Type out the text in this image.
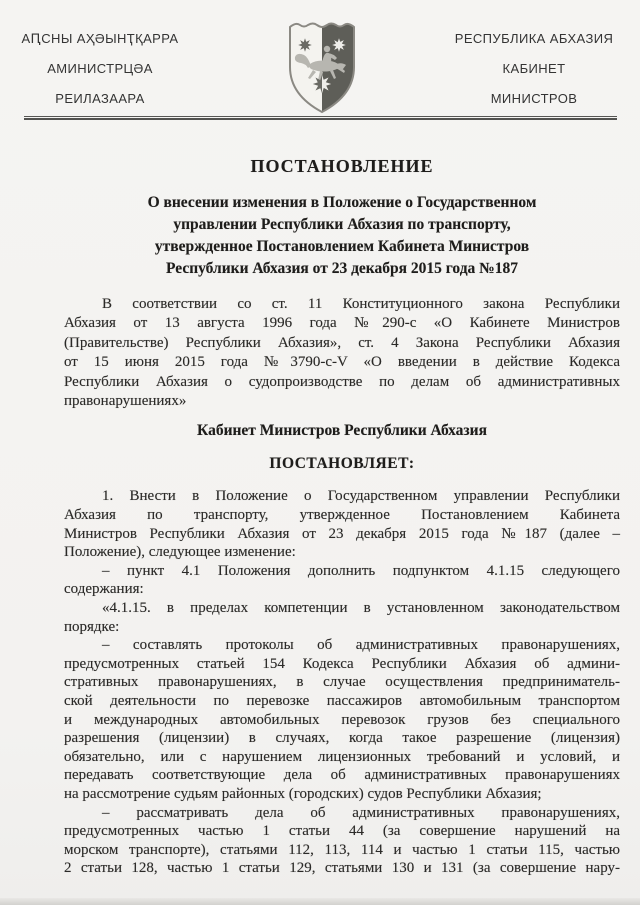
АԤСНЫ АҲӘЫНҬҚАРРА
АМИНИСТРЦӘА
РЕИЛАЗААРА
РЕСПУБЛИКА АБХАЗИЯ
КАБИНЕТ
МИНИСТРОВ
ПОСТАНОВЛЕНИЕ
О внесении изменения в Положение о Государственном
управлении Республики Абхазия по транспорту,
утвержденное Постановлением Кабинета Министров
Республики Абхазия от 23 декабря 2015 года №187
В соответствии со ст. 11 Конституционного закона Республики
Абхазия от 13 августа 1996 года №290-с «О Кабинете Министров
(Правительстве) Республики Абхазия», ст. 4 Закона Республики Абхазия
от 15 июня 2015 года №3790-с-V «О введении в действие Кодекса
Республики Абхазия о судопроизводстве по делам об административных
правонарушениях»
Кабинет Министров Республики Абхазия
ПОСТАНОВЛЯЕТ:
1. Внести в Положение о Государственном управлении Республики
Абхазия по транспорту, утвержденное Постановлением Кабинета
Министров Республики Абхазия от 23 декабря 2015 года №187 (далее –
Положение), следующее изменение:
– пункт 4.1 Положения дополнить подпунктом 4.1.15 следующего
содержания:
«4.1.15. в пределах компетенции в установленном законодательством
порядке:
– составлять протоколы об административных правонарушениях,
предусмотренных статьей 154 Кодекса Республики Абхазия об админи-
стративных правонарушениях, в случае осуществления предприниматель-
ской деятельности по перевозке пассажиров автомобильным транспортом
и международных автомобильных перевозок грузов без специального
разрешения (лицензии) в случаях, когда такое разрешение (лицензия)
обязательно, или с нарушением лицензионных требований и условий, и
передавать соответствующие дела об административных правонарушениях
на рассмотрение судьям районных (городских) судов Республики Абхазия;
– рассматривать дела об административных правонарушениях,
предусмотренных частью 1 статьи 44 (за совершение нарушений на
морском транспорте), статьями 112, 113, 114 и частью 1 статьи 115, частью
2 статьи 128, частью 1 статьи 129, статьями 130 и 131 (за совершение нару-
